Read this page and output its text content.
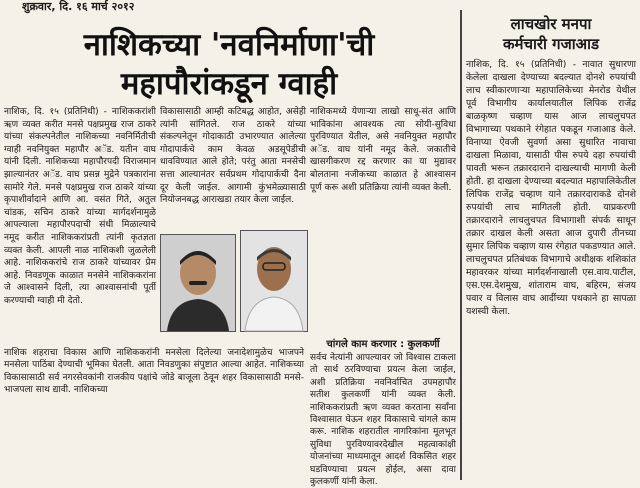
शुक्रवार, दि. १६ मार्च २०१२
नाशिकच्या 'नवनिर्माणा'ची
महापौरांकडून ग्वाही

नाशिक, दि. १५ (प्रतिनिधी) - नाशिककरांशी ऋण व्यक्त करीत मनसे पक्षप्रमुख राज ठाकरे यांच्या संकल्पनेतील नाशिकच्या नवनिर्मितीची ग्वाही नवनियुक्त महापौर अॅड. यतीन वाघ यांनी दिली. नाशिकच्या महापौरपदी विराजमान झाल्यानंतर अॅड. वाघ प्रसन्न मुद्रेने पत्रकारांना सामोरे गेले. मनसे पक्षप्रमुख राज ठाकरे यांच्या कृपाशीर्वादाने आणि आ. वसंत गिते, अतुल चांडक, सचिन ठाकरे यांच्या मार्गदर्शनामुळे आपल्याला महापौरपदाची संधी मिळाल्याचे नमूद करीत नाशिककरांप्रती त्यांनी कृतज्ञता व्यक्त केली. आपली नाळ नाशिकशी जुळलेली आहे. नाशिककरांचे राज ठाकरे यांच्यावर प्रेम आहे. निवडणूक काळात मनसेने नाशिककरांना जे आश्वासने दिली, त्या आश्वासनांची पूर्ती करण्याची ग्वाही मी देतो.

विकासासाठी आम्ही कटिबद्ध आहोत, असेही त्यांनी सांगितले. राज ठाकरे यांच्या संकल्पनेतून गोदाकाठी उभारण्यात आलेल्या गोदापार्कचे काम केवळ अडसूपेडीची धावविण्यात आले होते; परंतु आता मनसेची सत्ता आल्यानंतर सर्वप्रथम गोदापार्कची दैना दूर केली जाईल. आगामी कुंभमेळ्यासाठी नियोजनबद्ध आराखडा तयार केला जाईल.

नाशिकमध्ये येणाऱ्या लाखो साधू-संत आणि भाविकांना आवश्यक त्या सोयी-सुविधा पुरविण्यात येतील, असे नवनियुक्त महापौर अॅड. वाघ यांनी नमूद केले. जकातीचे खासगीकरण रद्द करणार का या मुद्यावर बोलताना नजीकच्या काळात हे आश्वासन पूर्ण करू अशी प्रतिक्रिया त्यांनी व्यक्त केली.

नाशिक शहराचा विकास आणि नाशिककरांनी मनसेला दिलेल्या जनादेशामुळेच भाजपने मनसेला पाठिंबा देण्याची भूमिका घेतली. आता निवडणुका संपुष्टात आल्या आहेत. नाशिकच्या विकासासाठी सर्व नगरसेवकांनी राजकीय पक्षांचे जोडे बाजूला ठेवून शहर विकासासाठी मनसे-भाजपला साथ द्यावी. नाशिकच्या

चांगले काम करणार : कुलकर्णी
सर्वच नेत्यांनी आपल्यावर जो विश्वास टाकला तो सार्थ ठरविण्याचा प्रयत्न केला जाईल, अशी प्रतिक्रिया नवनिर्वाचित उपमहापौर सतीश कुलकर्णी यांनी व्यक्त केली. नाशिककरांप्रती ऋण व्यक्त करताना सर्वांना विश्वासात घेऊन शहर विकासाचे चांगले काम करू. नाशिक शहरातील नागरिकांना मूलभूत सुविधा पुरविण्यावरदेखील महत्वाकांक्षी योजनांच्या माध्यमातून आदर्श विकसित शहर घडविण्याचा प्रयत्न होईल, असा दावा कुलकर्णी यांनी केला.
लाचखोर मनपा
कर्मचारी गजाआड

नाशिक, दि. १५ (प्रतिनिधी) - नावात सुधारणा केलेला दाखला देण्याच्या बदल्यात दोनशे रुपयांची लाच स्वीकारणाऱ्या महापालिकेच्या मेनरोड येथील पूर्व विभागीय कार्यालयातील लिपिक राजेंद्र बाळकृष्ण चव्हाण यास आज लाचलुचपत विभागाच्या पथकाने रंगेहात पकडून गजाआड केले. विनाप्या ऐवजी सुवर्णा असा सुधारित नावाचा दाखला मिळावा, यासाठी पीस रुपये दहा रुपयांची पावती भरून तक्रारदाराने दाखल्याची मागणी केली होती. हा दाखला देण्याच्या बदल्यात महापालिकेतील लिपिक राजेंद्र चव्हाण याने तक्रारदाराकडे दोनशे रुपयांची लाच मागितली होती. याप्रकरणी तक्रारदाराने लाचलुचपत विभागाशी संपर्क साधून तक्रार दाखल केली असता आज दुपारी तीनच्या सुमार लिपिक चव्हाण यास रंगेहात पकडण्यात आले. लाचलुचपत प्रतिबंधक विभागाचे अधीक्षक शशिकांत महावरकर यांच्या मार्गदर्शनाखाली एस.वाय.पाटील, एस.एस.देशमुख, शांताराम वाघ, बहिरम, संजय पवार व विलास वाघ आदींच्या पथकाने हा सापळा यशस्वी केला.
